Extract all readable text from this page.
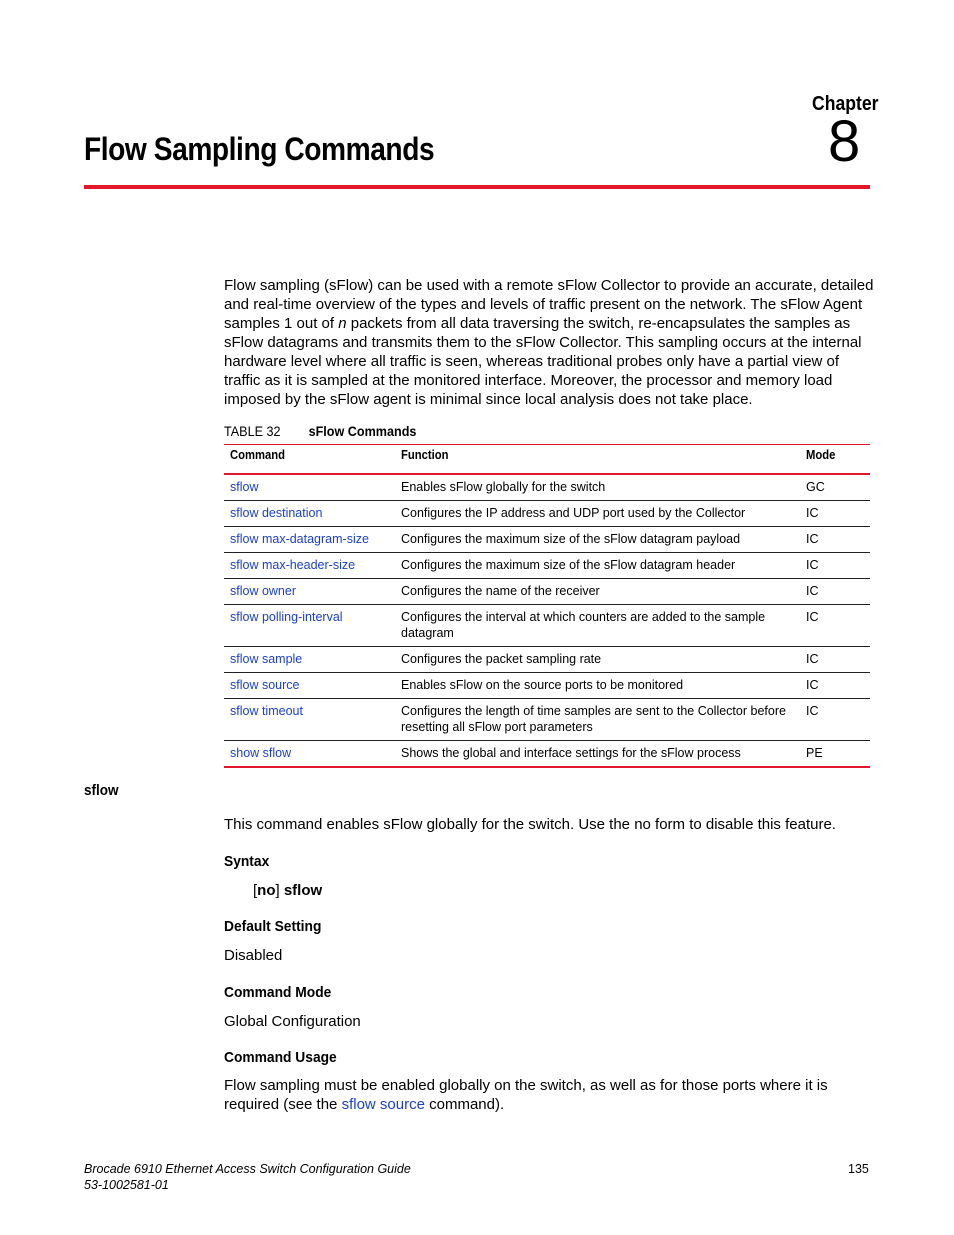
Chapter
8
Flow Sampling Commands
Flow sampling (sFlow) can be used with a remote sFlow Collector to provide an accurate, detailed and real-time overview of the types and levels of traffic present on the network. The sFlow Agent samples 1 out of n packets from all data traversing the switch, re-encapsulates the samples as sFlow datagrams and transmits them to the sFlow Collector. This sampling occurs at the internal hardware level where all traffic is seen, whereas traditional probes only have a partial view of traffic as it is sampled at the monitored interface. Moreover, the processor and memory load imposed by the sFlow agent is minimal since local analysis does not take place.
TABLE 32 sFlow Commands
Command	Function	Mode
sflow	Enables sFlow globally for the switch	GC
sflow destination	Configures the IP address and UDP port used by the Collector	IC
sflow max-datagram-size	Configures the maximum size of the sFlow datagram payload	IC
sflow max-header-size	Configures the maximum size of the sFlow datagram header	IC
sflow owner	Configures the name of the receiver	IC
sflow polling-interval	Configures the interval at which counters are added to the sample datagram	IC
sflow sample	Configures the packet sampling rate	IC
sflow source	Enables sFlow on the source ports to be monitored	IC
sflow timeout	Configures the length of time samples are sent to the Collector before resetting all sFlow port parameters	IC
show sflow	Shows the global and interface settings for the sFlow process	PE
sflow
This command enables sFlow globally for the switch. Use the no form to disable this feature.
Syntax
[no] sflow
Default Setting
Disabled
Command Mode
Global Configuration
Command Usage
Flow sampling must be enabled globally on the switch, as well as for those ports where it is required (see the sflow source command).
Brocade 6910 Ethernet Access Switch Configuration Guide
53-1002581-01
135
